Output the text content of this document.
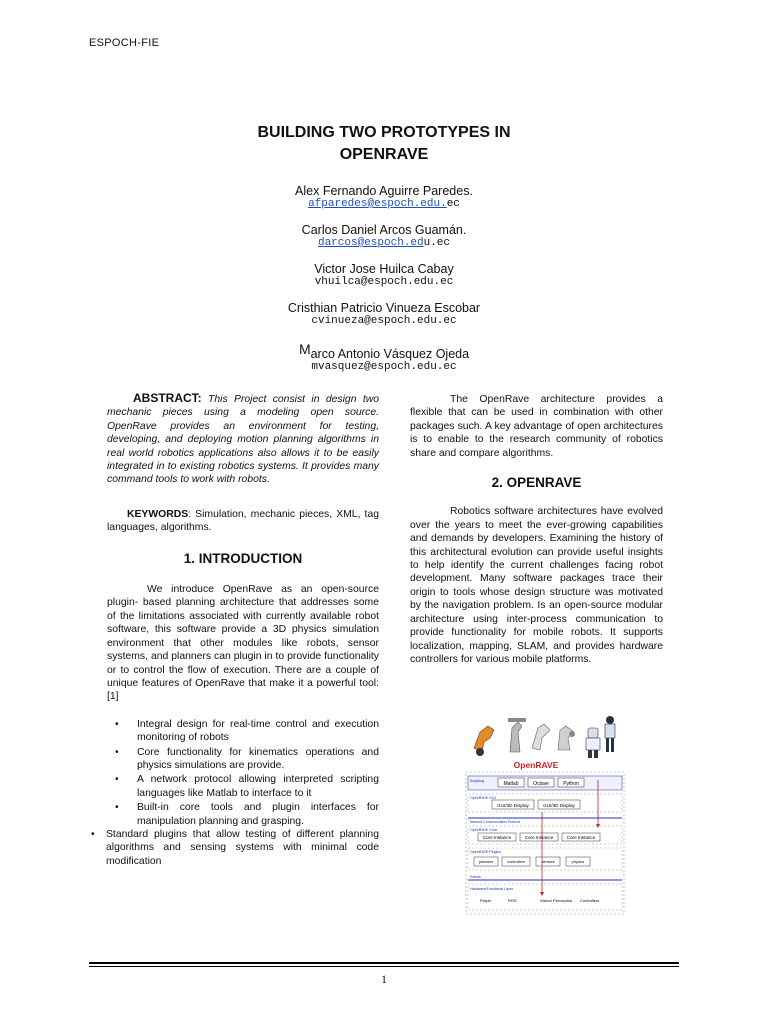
ESPOCH-FIE
BUILDING TWO PROTOTYPES IN
OPENRAVE
Alex Fernando Aguirre Paredes.
afparedes@espoch.edu.ec
Carlos Daniel Arcos Guamán.
darcos@espoch.edu.ec
Victor Jose Huilca Cabay
vhuilca@espoch.edu.ec
Cristhian Patricio Vinueza Escobar
cvinueza@espoch.edu.ec
Marco Antonio Vásquez Ojeda
mvasquez@espoch.edu.ec
ABSTRACT: This Project consist in design two mechanic pieces using a modeling open source. OpenRave provides an environment for testing, developing, and deploying motion planning algorithms in real world robotics applications also allows it to be easily integrated in to existing robotics systems. It provides many command tools to work with robots.
KEYWORDS: Simulation, mechanic pieces, XML, tag languages, algorithms.
1. INTRODUCTION
We introduce OpenRave as an open-source plugin- based planning architecture that addresses some of the limitations associated with currently available robot software, this software provide a 3D physics simulation environment that other modules like robots, sensor systems, and planners can plugin in to provide functionality or to control the flow of execution. There are a couple of unique features of OpenRave that make it a powerful tool: [1]
• Integral design for real-time control and execution monitoring of robots
• Core functionality for kinematics operations and physics simulations are provide.
• A network protocol allowing interpreted scripting languages like Matlab to interface to it
• Built-in core tools and plugin interfaces for manipulation planning and grasping.
• Standard plugins that allow testing of different planning algorithms and sensing systems with minimal code modification
The OpenRave architecture provides a flexible that can be used in combination with other packages such. A key advantage of open architectures is to enable to the research community of robotics share and compare algorithms.
2. OPENRAVE
Robotics software architectures have evolved over the years to meet the ever-growing capabilities and demands by developers. Examining the history of this architectural evolution can provide useful insights to help identify the current challenges facing robot development. Many software packages trace their origin to tools whose design structure was motivated by the navigation problem. Is an open-source modular architecture using inter-process communication to provide functionality for mobile robots. It supports localization, mapping, SLAM, and provides hardware controllers for various mobile platforms.
OpenRAVE
Scripting	Matlab	Octave	Python
OpenRAVE GUI
GUI/3D Display	GUI/3D Display
Network Communication Protocol
OpenRAVE Core
Core Instance	Core Instance	Core Instance
OpenRAVE Plugins
planners	controllers	sensors	physics
Robots
Hardware/Functional Layer
Player	ROS	Vision/ Perception Controllers
1
